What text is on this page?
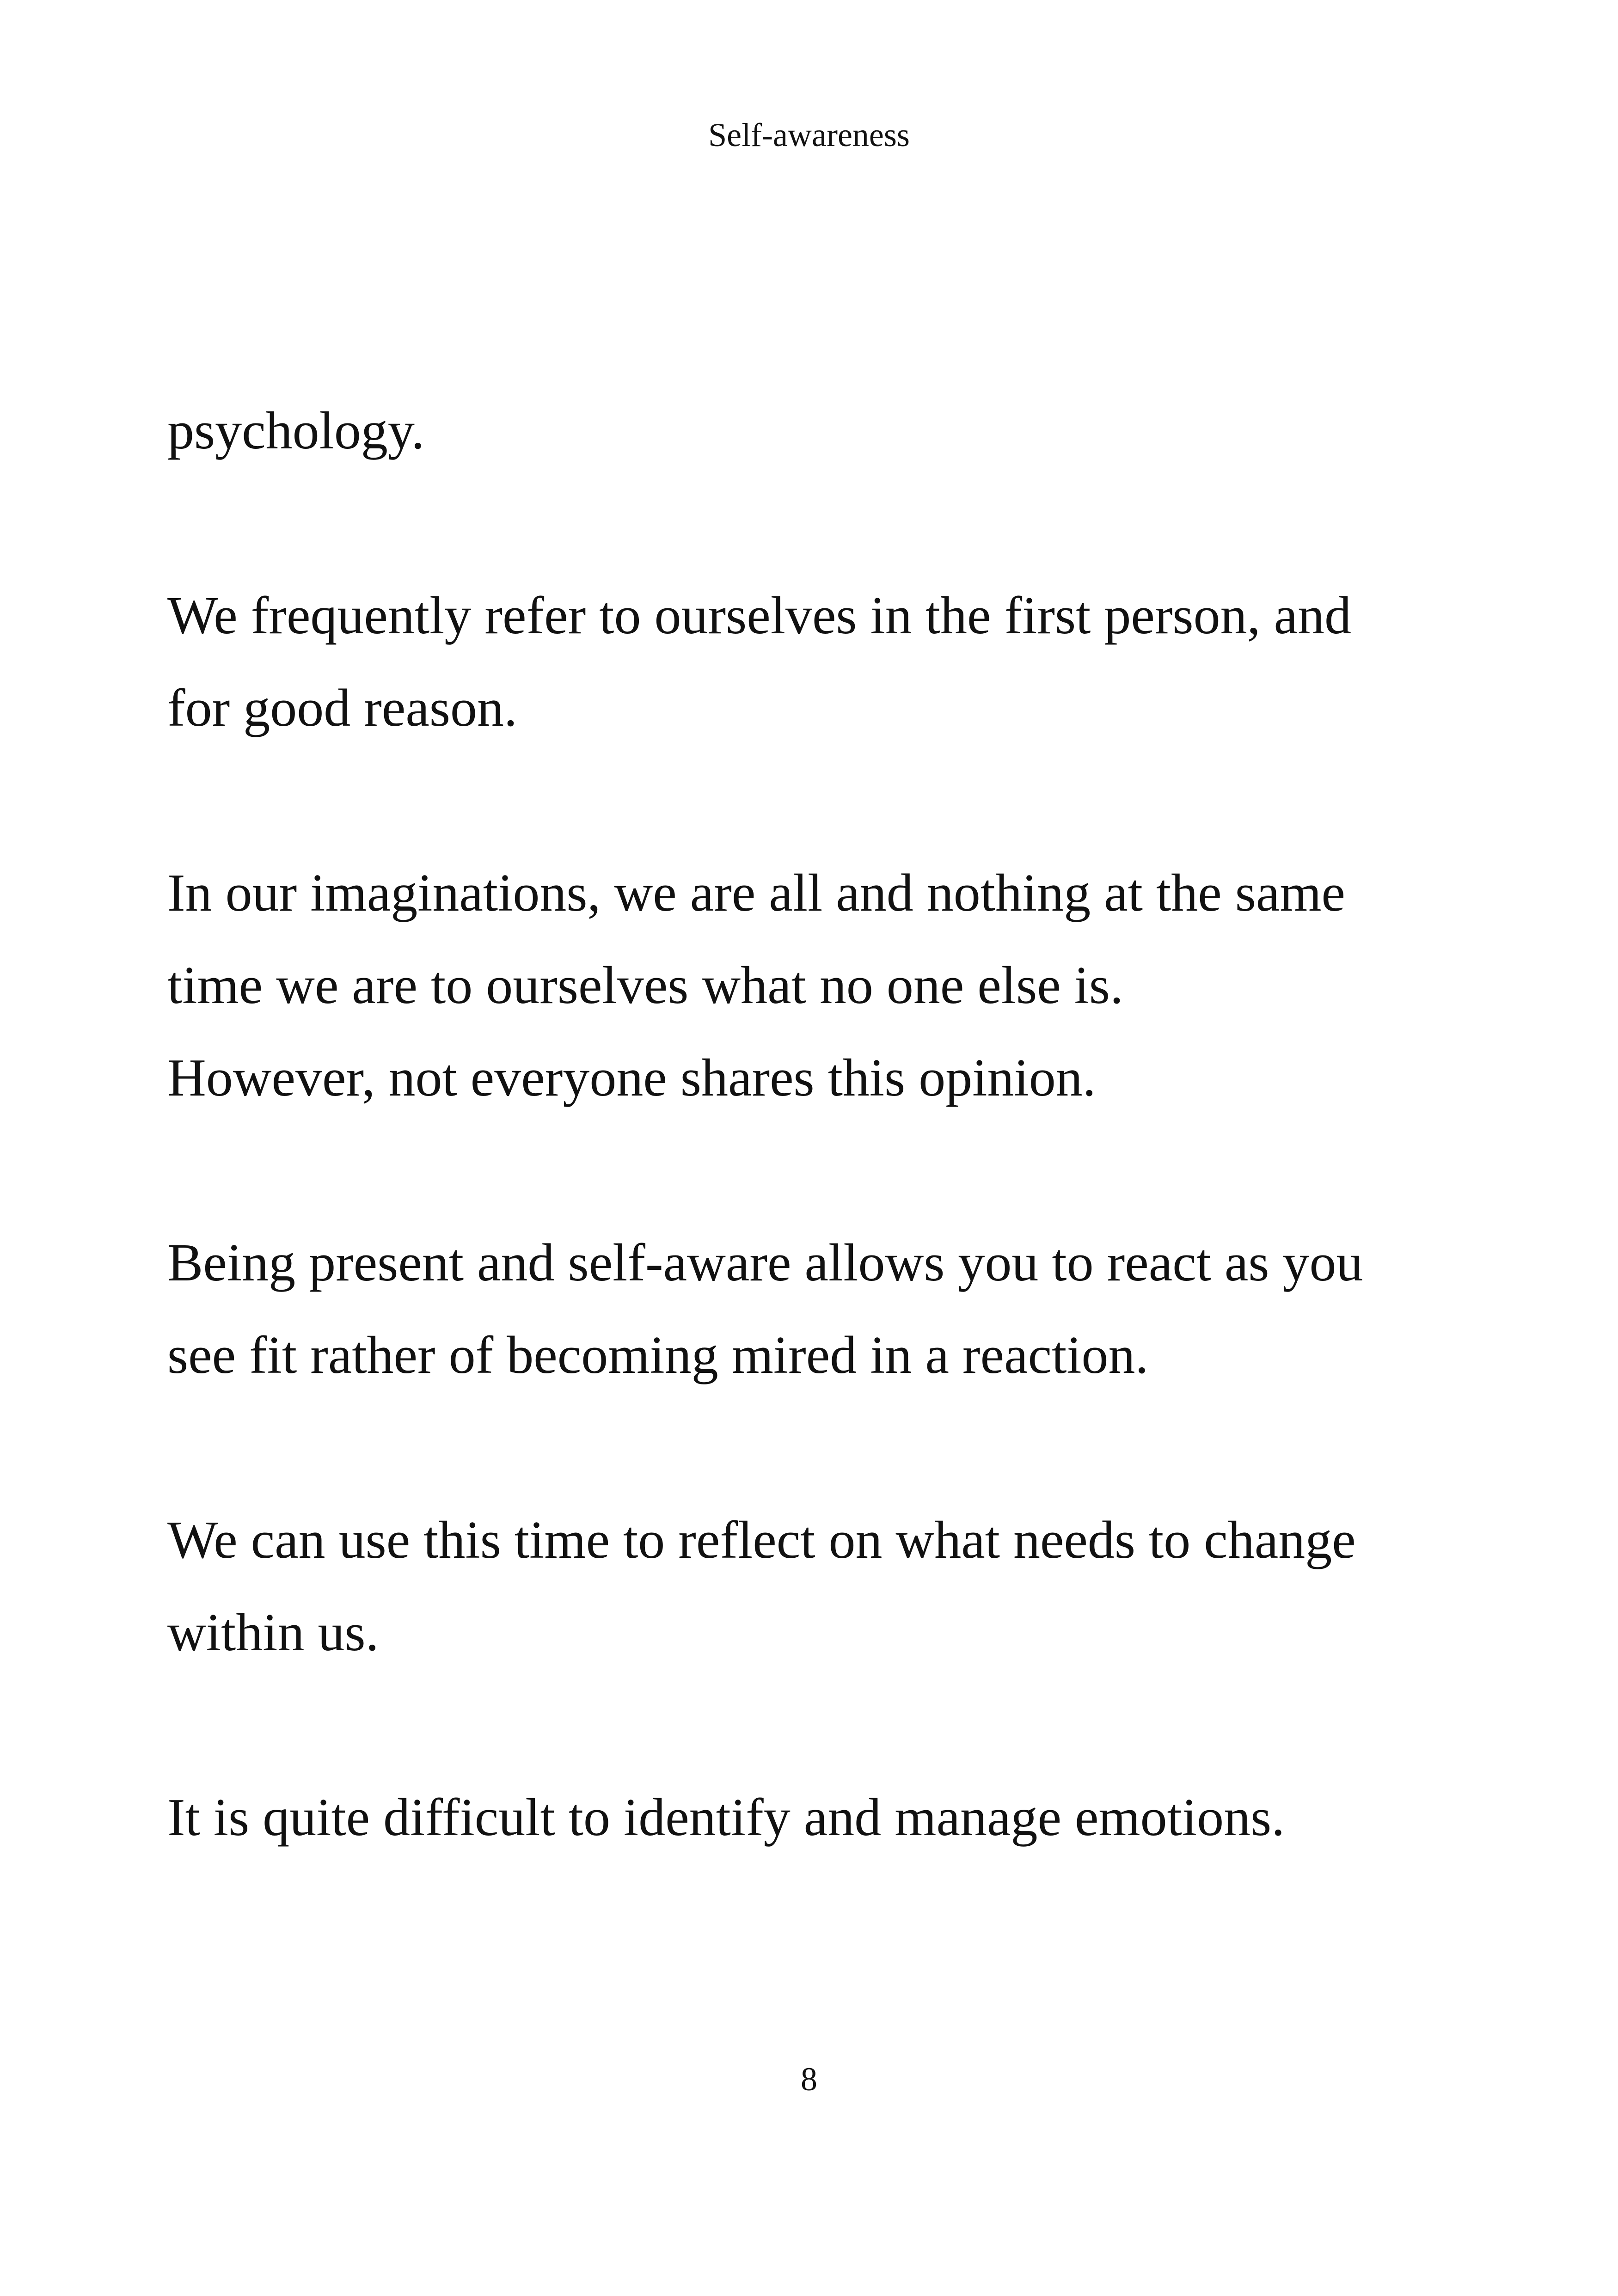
Self-awareness
psychology.
We frequently refer to ourselves in the first person, and
for good reason.
In our imaginations, we are all and nothing at the same
time we are to ourselves what no one else is.
However, not everyone shares this opinion.
Being present and self-aware allows you to react as you
see fit rather of becoming mired in a reaction.
We can use this time to reflect on what needs to change
within us.
It is quite difficult to identify and manage emotions.
8
